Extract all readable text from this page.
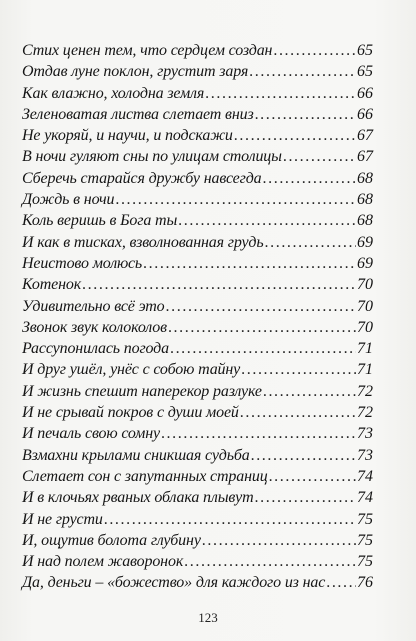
Стих ценен тем, что сердцем создан . . .	65
Отдав луне поклон, грустит заря . . .	65
Как влажно, холодна земля . . .	66
Зеленоватая листва слетает вниз . . .	66
Не укоряй, и научи, и подскажи . . .	67
В ночи гуляют сны по улицам столицы . . .	67
Сберечь старайся дружбу навсегда . . .	68
Дождь в ночи . . .	68
Коль веришь в Бога ты . . .	68
И как в тисках, взволнованная грудь . . .	69
Неистово молюсь . . .	69
Котенок . . .	70
Удивительно всё это . . .	70
Звонок звук колоколов . . .	70
Рассупонилась погода . . .	71
И друг ушёл, унёс с собою тайну . . .	71
И жизнь спешит наперекор разлуке . . .	72
И не срывай покров с души моей . . .	72
И печаль свою сомну . . .	73
Взмахни крылами сникшая судьба . . .	73
Слетает сон с запутанных страниц . . .	74
И в клочьях рваных облака плывут . . .	74
И не грусти . . .	75
И, ощутив болота глубину . . .	75
И над полем жаворонок . . .	75
Да, деньги – «божество» для каждого из нас . . . 76
123
